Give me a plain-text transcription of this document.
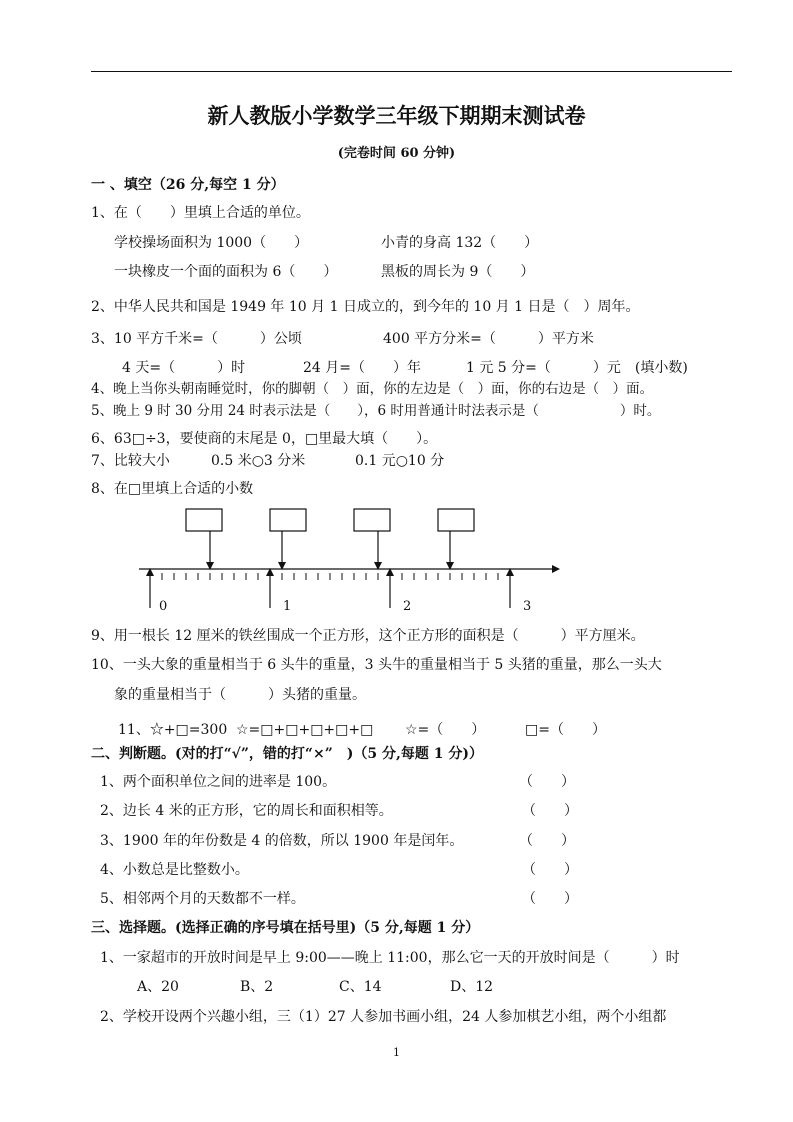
新人教版小学数学三年级下期期末测试卷
(完卷时间 60 分钟)
一 、填空（26 分,每空 1 分）
1、在（　　）里填上合适的单位。
学校操场面积为 1000（　　）	小青的身高 132（　　）
一块橡皮一个面的面积为 6（　　）	黑板的周长为 9（　　）
2、中华人民共和国是 1949 年 10 月 1 日成立的，到今年的 10 月 1 日是（　）周年。
3、10 平方千米=（　　　）公顷	400 平方分米=（　　　）平方米
4 天=（　　　）时	24 月=（　　）年	1 元 5 分=（　　　）元　(填小数)
4、晚上当你头朝南睡觉时，你的脚朝（　）面，你的左边是（　）面，你的右边是（　）面。
5、晚上 9 时 30 分用 24 时表示法是（　　），6 时用普通计时法表示是（　　　　　　）时。
6、63□÷3，要使商的末尾是 0，□里最大填（　　）。
7、比较大小	0.5 米○3 分米	0.1 元○10 分
8、在□里填上合适的小数
0	1	2	3
9、用一根长 12 厘米的铁丝围成一个正方形，这个正方形的面积是（　　　）平方厘米。
10、一头大象的重量相当于 6 头牛的重量，3 头牛的重量相当于 5 头猪的重量，那么一头大
象的重量相当于（　　　）头猪的重量。
11、☆+□=300 ☆=□+□+□+□+□ ☆=（　　）	□=（　　）
二、判断题。(对的打“√”，错的打“×”　)（5 分,每题 1 分)）
1、两个面积单位之间的进率是 100。	（　　）
2、边长 4 米的正方形，它的周长和面积相等。	（　　）
3、1900 年的年份数是 4 的倍数，所以 1900 年是闰年。	（　　）
4、小数总是比整数小。	（　　）
5、相邻两个月的天数都不一样。	（　　）
三、选择题。(选择正确的序号填在括号里)（5 分,每题 1 分）
1、一家超市的开放时间是早上 9:00——晚上 11:00，那么它一天的开放时间是（　　　）时
A、20	B、2	C、14	D、12
2、学校开设两个兴趣小组，三（1）27 人参加书画小组，24 人参加棋艺小组，两个小组都
1
